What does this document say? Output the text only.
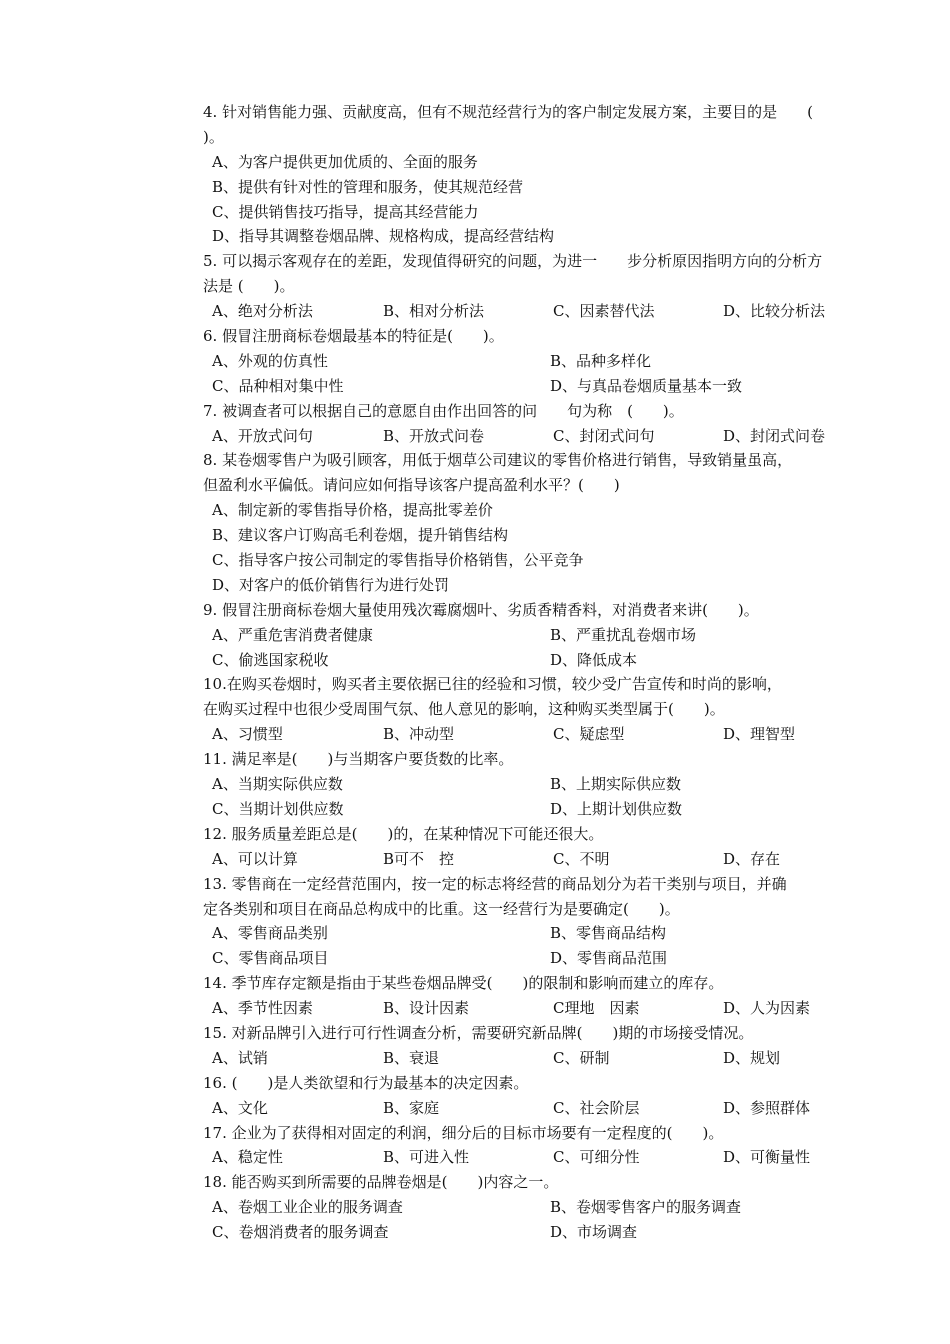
4. 针对销售能力强、贡献度高，但有不规范经营行为的客户制定发展方案，主要目的是　　(
)。
A、为客户提供更加优质的、全面的服务
B、提供有针对性的管理和服务，使其规范经营
C、提供销售技巧指导，提高其经营能力
D、指导其调整卷烟品牌、规格构成，提高经营结构
5. 可以揭示客观存在的差距，发现值得研究的问题，为进一　　步分析原因指明方向的分析方
法是 (　　)。
A、绝对分析法	B、相对分析法	C、因素替代法	D、比较分析法
6. 假冒注册商标卷烟最基本的特征是(　　)。
A、外观的仿真性	B、品种多样化
C、品种相对集中性	D、与真品卷烟质量基本一致
7. 被调查者可以根据自己的意愿自由作出回答的问　　句为称　(　　)。
A、开放式问句	B、开放式问卷	C、封闭式问句	D、封闭式问卷
8. 某卷烟零售户为吸引顾客，用低于烟草公司建议的零售价格进行销售，导致销量虽高，
但盈利水平偏低。请问应如何指导该客户提高盈利水平？(　　)
A、制定新的零售指导价格，提高批零差价
B、建议客户订购高毛利卷烟，提升销售结构
C、指导客户按公司制定的零售指导价格销售，公平竞争
D、对客户的低价销售行为进行处罚
9. 假冒注册商标卷烟大量使用残次霉腐烟叶、劣质香精香料，对消费者来讲(　　)。
A、严重危害消费者健康	B、严重扰乱卷烟市场
C、偷逃国家税收	D、降低成本
10.在购买卷烟时，购买者主要依据已往的经验和习惯，较少受广告宣传和时尚的影响，
在购买过程中也很少受周围气氛、他人意见的影响，这种购买类型属于(　　)。
A、习惯型	B、冲动型	C、疑虑型	D、理智型
11. 满足率是(　　)与当期客户要货数的比率。
A、当期实际供应数	B、上期实际供应数
C、当期计划供应数	D、上期计划供应数
12. 服务质量差距总是(　　)的，在某种情况下可能还很大。
A、可以计算	B可不　控	C、不明	D、存在
13. 零售商在一定经营范围内，按一定的标志将经营的商品划分为若干类别与项目，并确
定各类别和项目在商品总构成中的比重。这一经营行为是要确定(　　)。
A、零售商品类别	B、零售商品结构
C、零售商品项目	D、零售商品范围
14. 季节库存定额是指由于某些卷烟品牌受(　　)的限制和影响而建立的库存。
A、季节性因素	B、设计因素	C理地　因素	D、人为因素
15. 对新品牌引入进行可行性调查分析，需要研究新品牌(　　)期的市场接受情况。
A、试销	B、衰退	C、研制	D、规划
16. (　　)是人类欲望和行为最基本的决定因素。
A、文化	B、家庭	C、社会阶层	D、参照群体
17. 企业为了获得相对固定的利润，细分后的目标市场要有一定程度的(　　)。
A、稳定性	B、可进入性	C、可细分性	D、可衡量性
18. 能否购买到所需要的品牌卷烟是(　　)内容之一。
A、卷烟工业企业的服务调查	B、卷烟零售客户的服务调查
C、卷烟消费者的服务调查	D、市场调查
